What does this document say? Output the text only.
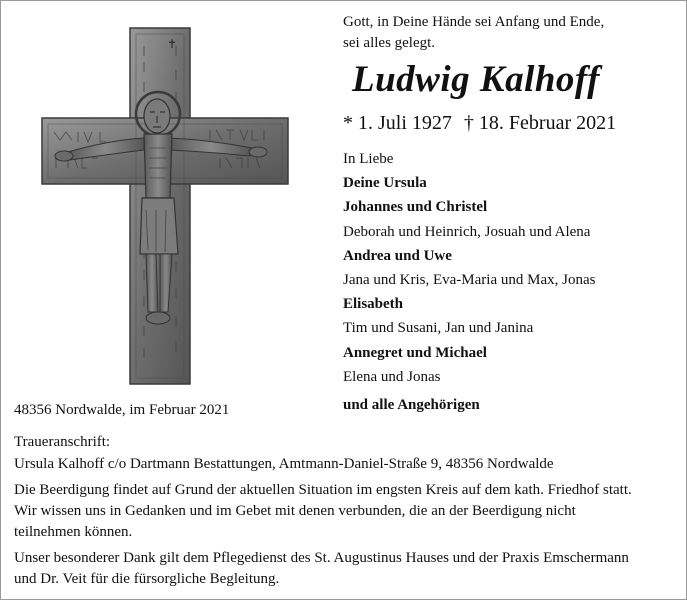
✝
Gott, in Deine Hände sei Anfang und Ende,
sei alles gelegt.
Ludwig Kalhoff
* 1. Juli 1927 † 18. Februar 2021
In Liebe
Deine Ursula
Johannes und Christel
Deborah und Heinrich, Josuah und Alena
Andrea und Uwe
Jana und Kris, Eva-Maria und Max, Jonas
Elisabeth
Tim und Susani, Jan und Janina
Annegret und Michael
Elena und Jonas
und alle Angehörigen
48356 Nordwalde, im Februar 2021
Traueranschrift:
Ursula Kalhoff c/o Dartmann Bestattungen, Amtmann-Daniel-Straße 9, 48356 Nordwalde
Die Beerdigung findet auf Grund der aktuellen Situation im engsten Kreis auf dem kath. Friedhof statt.
Wir wissen uns in Gedanken und im Gebet mit denen verbunden, die an der Beerdigung nicht
teilnehmen können.
Unser besonderer Dank gilt dem Pflegedienst des St. Augustinus Hauses und der Praxis Emschermann
und Dr. Veit für die fürsorgliche Begleitung.
